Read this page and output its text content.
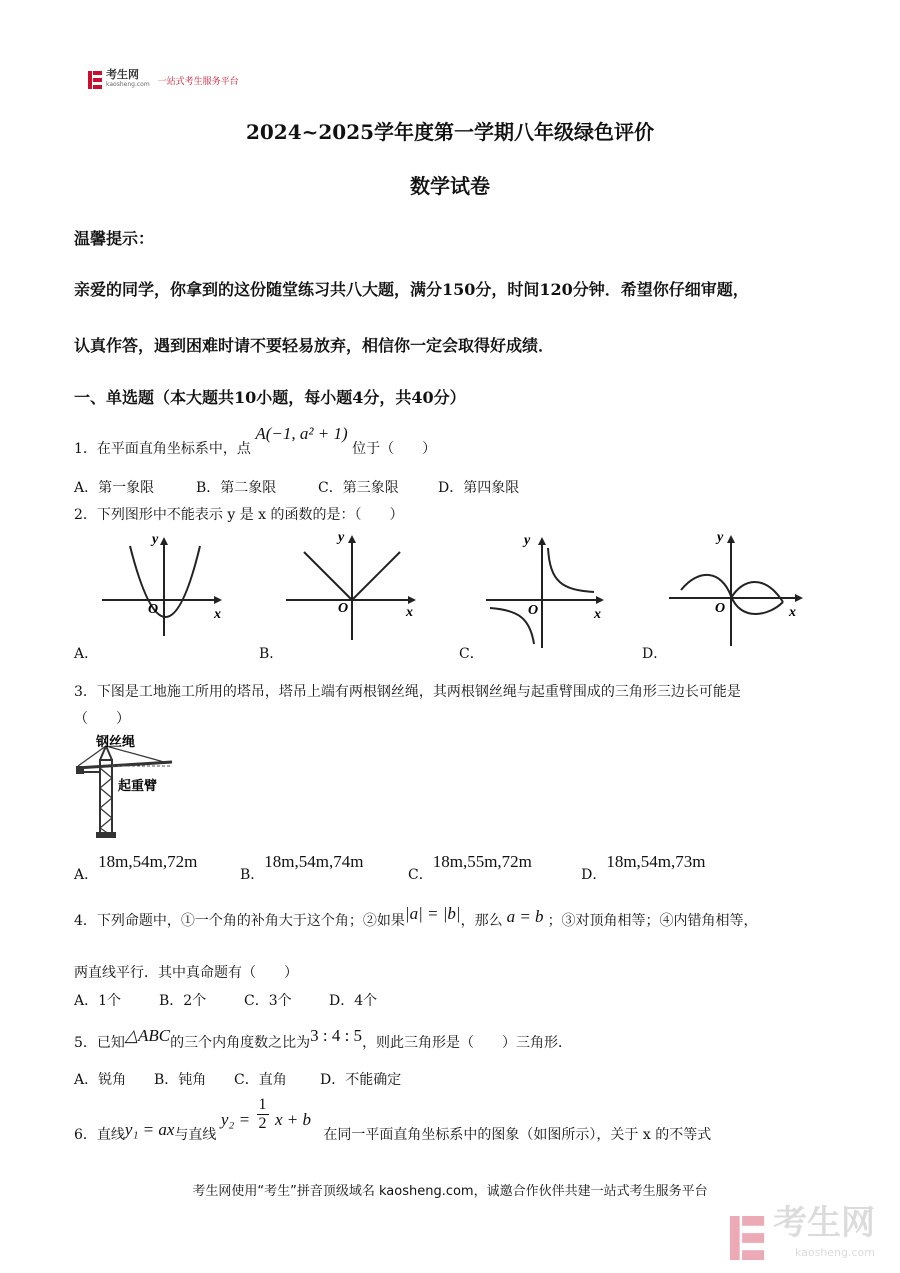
考生网
kaosheng.com 一站式考生服务平台
2024~2025学年度第一学期八年级绿色评价
数学试卷
温馨提示：
亲爱的同学，你拿到的这份随堂练习共八大题，满分150分，时间120分钟．希望你仔细审题，
认真作答，遇到困难时请不要轻易放弃，相信你一定会取得好成绩．
一、单选题（本大题共10小题，每小题4分，共40分）
1．在平面直角坐标系中，点 A(−1, a² + 1) 位于（　　）
A．第一象限	B．第二象限	C．第三象限	D．第四象限
2．下列图形中不能表示 y 是 x 的函数的是：（　　）
y
x
O
y
x
O
y
x
O
y
x
O
A．	B．	C．	D．
3．下图是工地施工所用的塔吊，塔吊上端有两根钢丝绳，其两根钢丝绳与起重臂围成的三角形三边长可能是
（　　）
钢丝绳
起重臂
A．18m,54m,72mB．18m,54m,74mC．18m,55m,72m D．18m,54m,73m
4．下列命题中，①一个角的补角大于这个角；②如果|a| = |b|，那么 a = b ；③对顶角相等；④内错角相等，
两直线平行．其中真命题有（　　）
A．1个	B．2个	C．3个	D．4个
5．已知△ABC的三个内角度数之比为3 : 4 : 5，则此三角形是（　　）三角形．
A．锐角 B．钝角 C．直角 D．不能确定
6．直线y₁ = ax与直线 $y_2 = \frac{1}{2}$ x + b 在同一平面直角坐标系中的图象（如图所示），关于 x 的不等式
考生网使用“考生”拼音顶级域名 kaosheng.com，诚邀合作伙伴共建一站式考生服务平台
考生网
kaosheng.com
